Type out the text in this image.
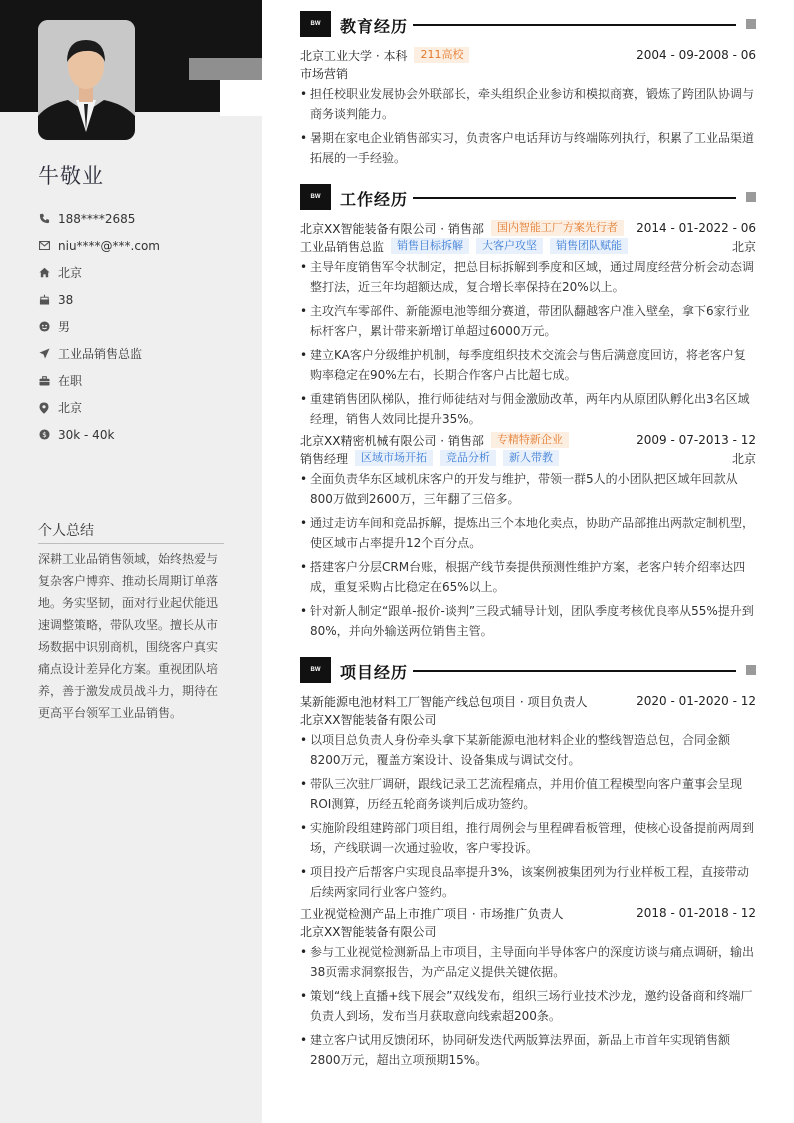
牛敬业
188****2685
niu****@***.com
北京
38
男
工业品销售总监
在职
北京
$ 30k - 40k
个人总结
深耕工业品销售领域，始终热爱与复杂客户博弈、推动长周期订单落地。务实坚韧，面对行业起伏能迅速调整策略，带队攻坚。擅长从市场数据中识别商机，围绕客户真实痛点设计差异化方案。重视团队培养，善于激发成员战斗力，期待在更高平台领军工业品销售。
BW	教育经历
北京工业大学 · 本科	211高校	2004 - 09-2008 - 06
市场营销
• 担任校职业发展协会外联部长，牵头组织企业参访和模拟商赛，锻炼了跨团队协调与商务谈判能力。
• 暑期在家电企业销售部实习，负责客户电话拜访与终端陈列执行，积累了工业品渠道拓展的一手经验。
BW	工作经历
北京XX智能装备有限公司 · 销售部	国内智能工厂方案先行者	2014 - 01-2022 - 06
工业品销售总监	销售目标拆解	大客户攻坚	销售团队赋能	北京
• 主导年度销售军令状制定，把总目标拆解到季度和区域，通过周度经营分析会动态调整打法，近三年均超额达成，复合增长率保持在20%以上。
• 主攻汽车零部件、新能源电池等细分赛道，带团队翻越客户准入壁垒，拿下6家行业标杆客户，累计带来新增订单超过6000万元。
• 建立KA客户分级维护机制，每季度组织技术交流会与售后满意度回访，将老客户复购率稳定在90%左右，长期合作客户占比超七成。
• 重建销售团队梯队，推行师徒结对与佣金激励改革，两年内从原团队孵化出3名区域经理，销售人效同比提升35%。
北京XX精密机械有限公司 · 销售部	专精特新企业	2009 - 07-2013 - 12
销售经理	区域市场开拓	竞品分析	新人带教	北京
• 全面负责华东区域机床客户的开发与维护，带领一群5人的小团队把区域年回款从800万做到2600万，三年翻了三倍多。
• 通过走访车间和竞品拆解，提炼出三个本地化卖点，协助产品部推出两款定制机型，使区域市占率提升12个百分点。
• 搭建客户分层CRM台账，根据产线节奏提供预测性维护方案，老客户转介绍率达四成，重复采购占比稳定在65%以上。
• 针对新人制定“跟单-报价-谈判”三段式辅导计划，团队季度考核优良率从55%提升到80%，并向外输送两位销售主管。
BW	项目经历
某新能源电池材料工厂智能产线总包项目 · 项目负责人	2020 - 01-2020 - 12
北京XX智能装备有限公司
• 以项目总负责人身份牵头拿下某新能源电池材料企业的整线智造总包，合同金额8200万元，覆盖方案设计、设备集成与调试交付。
• 带队三次驻厂调研，跟线记录工艺流程痛点，并用价值工程模型向客户董事会呈现ROI测算，历经五轮商务谈判后成功签约。
• 实施阶段组建跨部门项目组，推行周例会与里程碑看板管理，使核心设备提前两周到场，产线联调一次通过验收，客户零投诉。
• 项目投产后帮客户实现良品率提升3%，该案例被集团列为行业样板工程，直接带动后续两家同行业客户签约。
工业视觉检测产品上市推广项目 · 市场推广负责人	2018 - 01-2018 - 12
北京XX智能装备有限公司
• 参与工业视觉检测新品上市项目，主导面向半导体客户的深度访谈与痛点调研，输出38页需求洞察报告，为产品定义提供关键依据。
• 策划“线上直播+线下展会”双线发布，组织三场行业技术沙龙，邀约设备商和终端厂负责人到场，发布当月获取意向线索超200条。
• 建立客户试用反馈闭环，协同研发迭代两版算法界面，新品上市首年实现销售额2800万元，超出立项预期15%。
